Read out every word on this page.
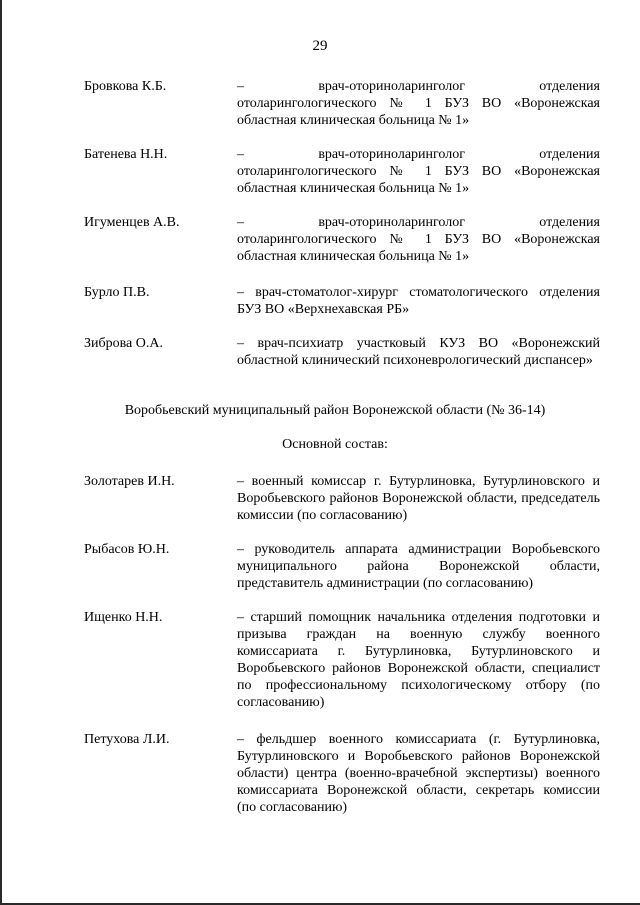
29
Бровкова К.Б.	– врач-оториноларинголог отделения отоларингологического № 1 БУЗ ВО «Воронежская областная клиническая больница № 1»
Батенева Н.Н.	– врач-оториноларинголог отделения отоларингологического № 1 БУЗ ВО «Воронежская областная клиническая больница № 1»
Игуменцев А.В.	– врач-оториноларинголог отделения отоларингологического № 1 БУЗ ВО «Воронежская областная клиническая больница № 1»
Бурло П.В.	– врач-стоматолог-хирург стоматологического отделения БУЗ ВО «Верхнехавская РБ»
Зиброва О.А.	– врач-психиатр участковый КУЗ ВО «Воронежский областной клинический психоневрологический диспансер»
Воробьевский муниципальный район Воронежской области (№ 36-14)
Основной состав:
Золотарев И.Н.	– военный комиссар г. Бутурлиновка, Бутурлиновского и Воробьевского районов Воронежской области, председатель комиссии (по согласованию)
Рыбасов Ю.Н.	– руководитель аппарата администрации Воробьевского муниципального района Воронежской области, представитель администрации (по согласованию)
Ищенко Н.Н.	– старший помощник начальника отделения подготовки и призыва граждан на военную службу военного комиссариата г. Бутурлиновка, Бутурлиновского и Воробьевского районов Воронежской области, специалист по профессиональному психологическому отбору (по согласованию)
Петухова Л.И.	– фельдшер военного комиссариата (г. Бутурлиновка, Бутурлиновского и Воробьевского районов Воронежской области) центра (военно-врачебной экспертизы) военного комиссариата Воронежской области, секретарь комиссии (по согласованию)
